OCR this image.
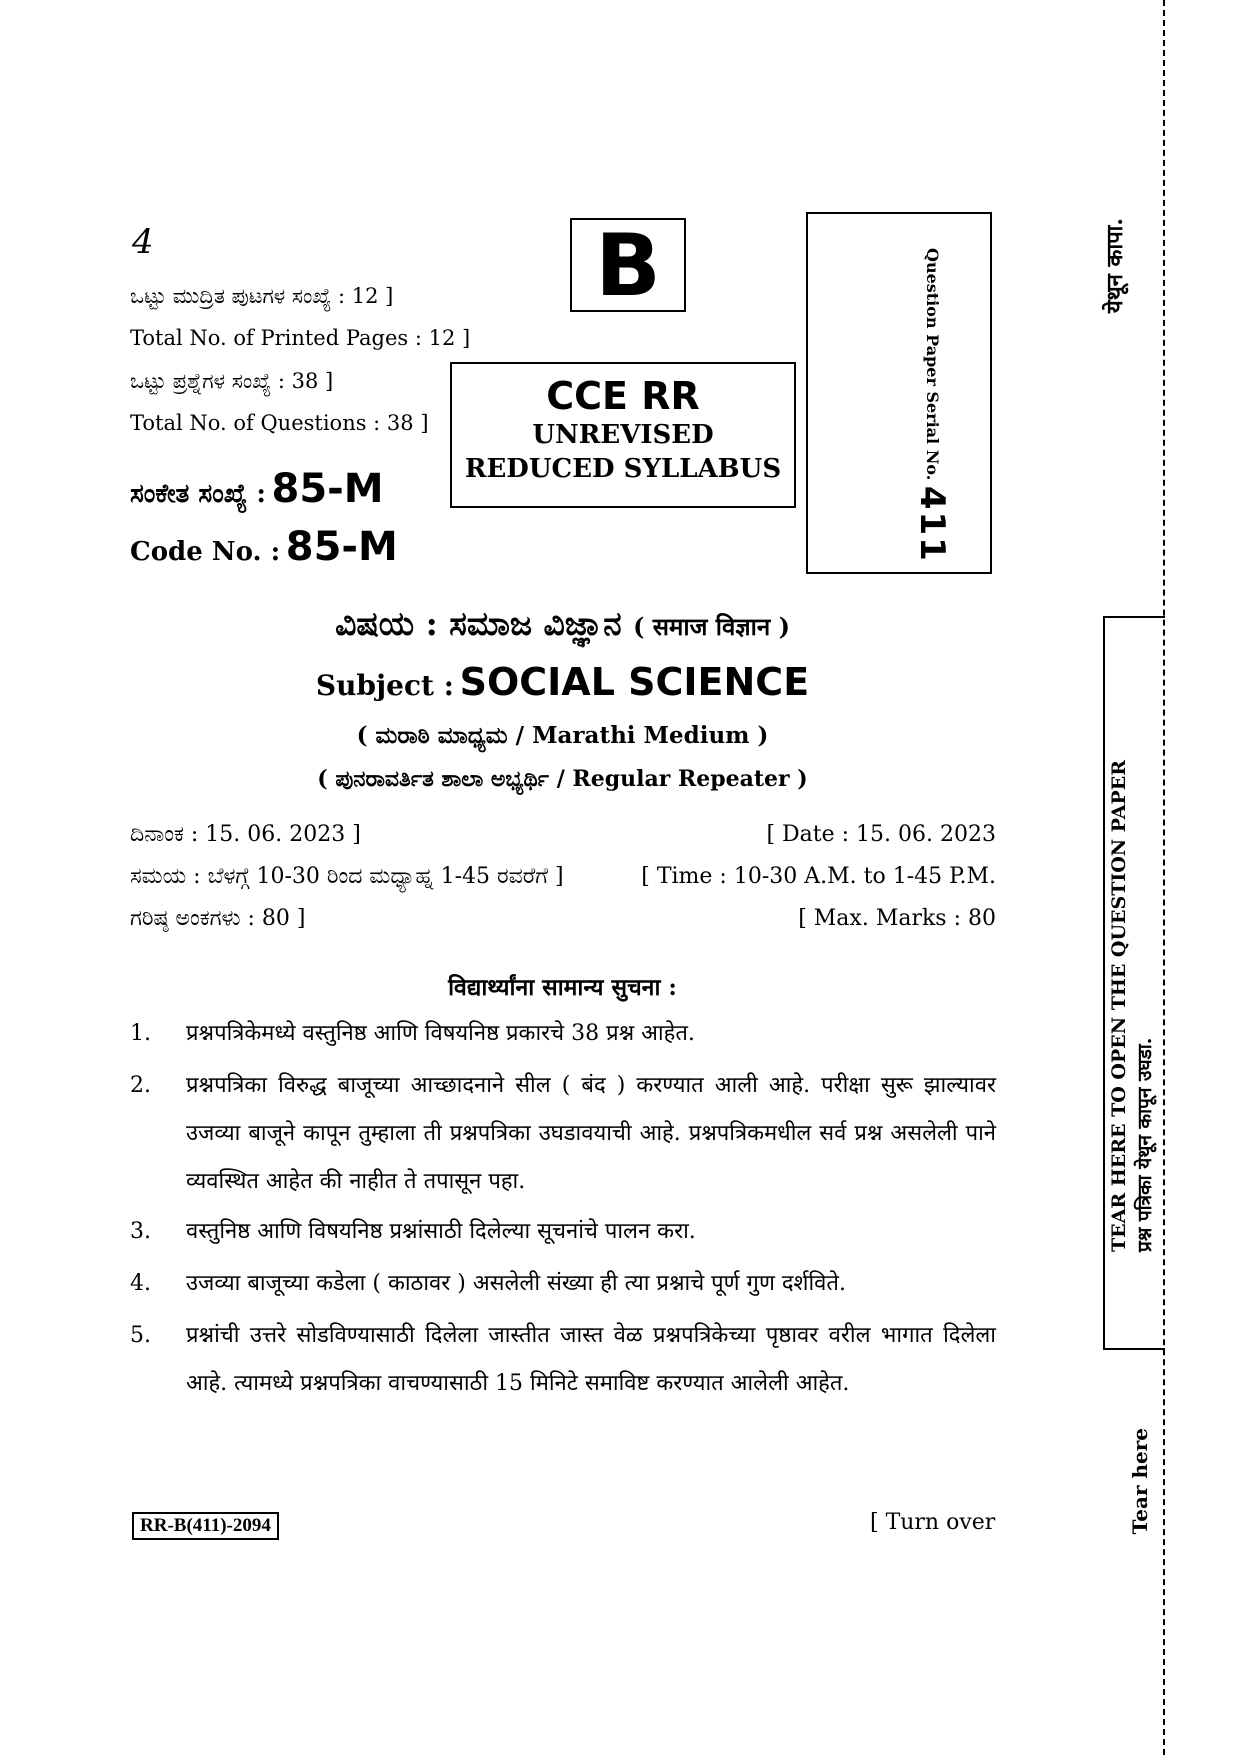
4
ಒಟ್ಟು ಮುದ್ರಿತ ಪುಟಗಳ ಸಂಖ್ಯೆ : 12 ]
Total No. of Printed Pages : 12 ]
ಒಟ್ಟು ಪ್ರಶ್ನೆಗಳ ಸಂಖ್ಯೆ : 38 ]
Total No. of Questions : 38 ]
ಸಂಕೇತ ಸಂಖ್ಯೆ : 85-M
Code No. : 85-M
B
CCE RR
UNREVISED
REDUCED SYLLABUS	Question Paper Serial No. 411
ವಿಷಯ : ಸಮಾಜ ವಿಜ್ಞಾನ ( समाज विज्ञान )
Subject : SOCIAL SCIENCE
( ಮರಾಠಿ ಮಾಧ್ಯಮ / Marathi Medium )
( ಪುನರಾವರ್ತಿತ ಶಾಲಾ ಅಭ್ಯರ್ಥಿ / Regular Repeater )
ದಿನಾಂಕ : 15. 06. 2023 ]	[ Date : 15. 06. 2023
ಸಮಯ : ಬೆಳಗ್ಗೆ 10-30 ರಿಂದ ಮಧ್ಯಾಹ್ನ 1-45 ರವರೆಗೆ ]	[ Time : 10-30 A.M. to 1-45 P.M.
ಗರಿಷ್ಠ ಅಂಕಗಳು : 80 ]	[ Max. Marks : 80
विद्यार्थ्यांना सामान्य सुचना :
1.	प्रश्नपत्रिकेमध्ये वस्तुनिष्ठ आणि विषयनिष्ठ प्रकारचे 38 प्रश्न आहेत.
2.	प्रश्नपत्रिका विरुद्ध बाजूच्या आच्छादनाने सील ( बंद ) करण्यात आली आहे. परीक्षा सुरू झाल्यावर उजव्या बाजूने कापून तुम्हाला ती प्रश्नपत्रिका उघडावयाची आहे. प्रश्नपत्रिकमधील सर्व प्रश्न असलेली पाने व्यवस्थित आहेत की नाहीत ते तपासून पहा.
3.	वस्तुनिष्ठ आणि विषयनिष्ठ प्रश्नांसाठी दिलेल्या सूचनांचे पालन करा.
4.	उजव्या बाजूच्या कडेला ( काठावर ) असलेली संख्या ही त्या प्रश्नाचे पूर्ण गुण दर्शविते.
5.	प्रश्नांची उत्तरे सोडविण्यासाठी दिलेला जास्तीत जास्त वेळ प्रश्नपत्रिकेच्या पृष्ठावर वरील भागात दिलेला आहे. त्यामध्ये प्रश्नपत्रिका वाचण्यासाठी 15 मिनिटे समाविष्ट करण्यात आलेली आहेत.
RR-B(411)-2094	[ Turn over
येथून कापा.
TEAR HERE TO OPEN THE QUESTION PAPER प्रश्न पत्रिका येथून कापून उघडा.
Tear here
